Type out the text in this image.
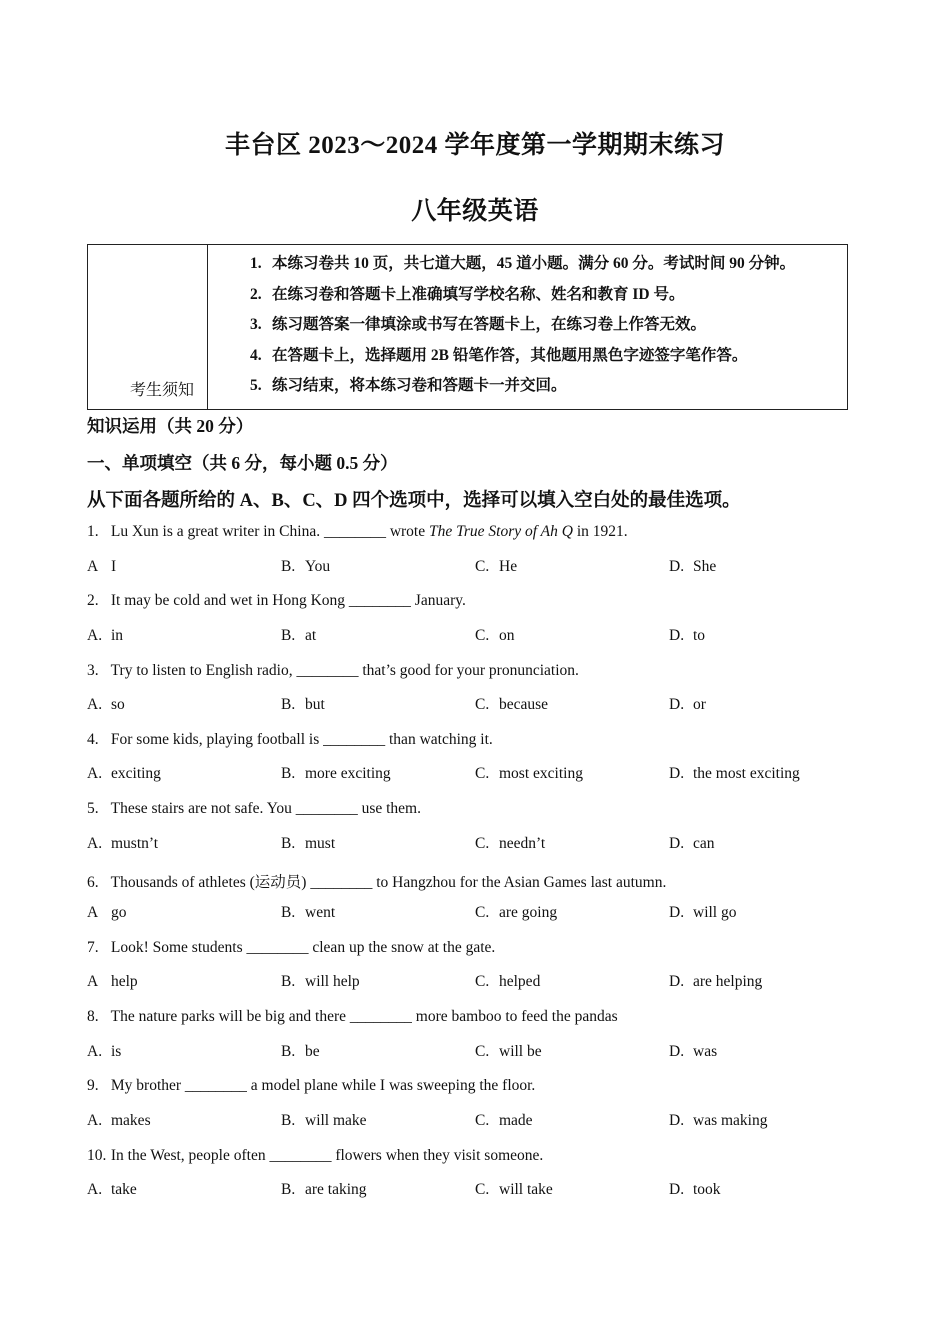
丰台区 2023～2024 学年度第一学期期末练习
八年级英语
考生须知
1. 本练习卷共 10 页，共七道大题，45 道小题。满分 60 分。考试时间 90 分钟。
2. 在练习卷和答题卡上准确填写学校名称、姓名和教育 ID 号。
3. 练习题答案一律填涂或书写在答题卡上，在练习卷上作答无效。
4. 在答题卡上，选择题用 2B 铅笔作答，其他题用黑色字迹签字笔作答。
5. 练习结束，将本练习卷和答题卡一并交回。
知识运用（共 20 分）
一、单项填空（共 6 分，每小题 0.5 分）
从下面各题所给的 A、B、C、D 四个选项中，选择可以填入空白处的最佳选项。
1. Lu Xun is a great writer in China. ________ wrote The True Story of Ah Q in 1921.
A I	B. You	C. He	D. She
2. It may be cold and wet in Hong Kong ________ January.
A. in	B. at	C. on	D. to
3. Try to listen to English radio, ________ that’s good for your pronunciation.
A. so	B. but	C. because	D. or
4. For some kids, playing football is ________ than watching it.
A. exciting	B. more exciting	C. most exciting	D. the most exciting
5. These stairs are not safe. You ________ use them.
A. mustn’t	B. must	C. needn’t	D. can
6. Thousands of athletes (运动员) ________ to Hangzhou for the Asian Games last autumn.
A go	B. went	C. are going	D. will go
7. Look! Some students ________ clean up the snow at the gate.
A help	B. will help	C. helped	D. are helping
8. The nature parks will be big and there ________ more bamboo to feed the pandas
A. is	B. be	C. will be	D. was
9. My brother ________ a model plane while I was sweeping the floor.
A. makes	B. will make	C. made	D. was making
10. In the West, people often ________ flowers when they visit someone.
A. take	B. are taking	C. will take	D. took
